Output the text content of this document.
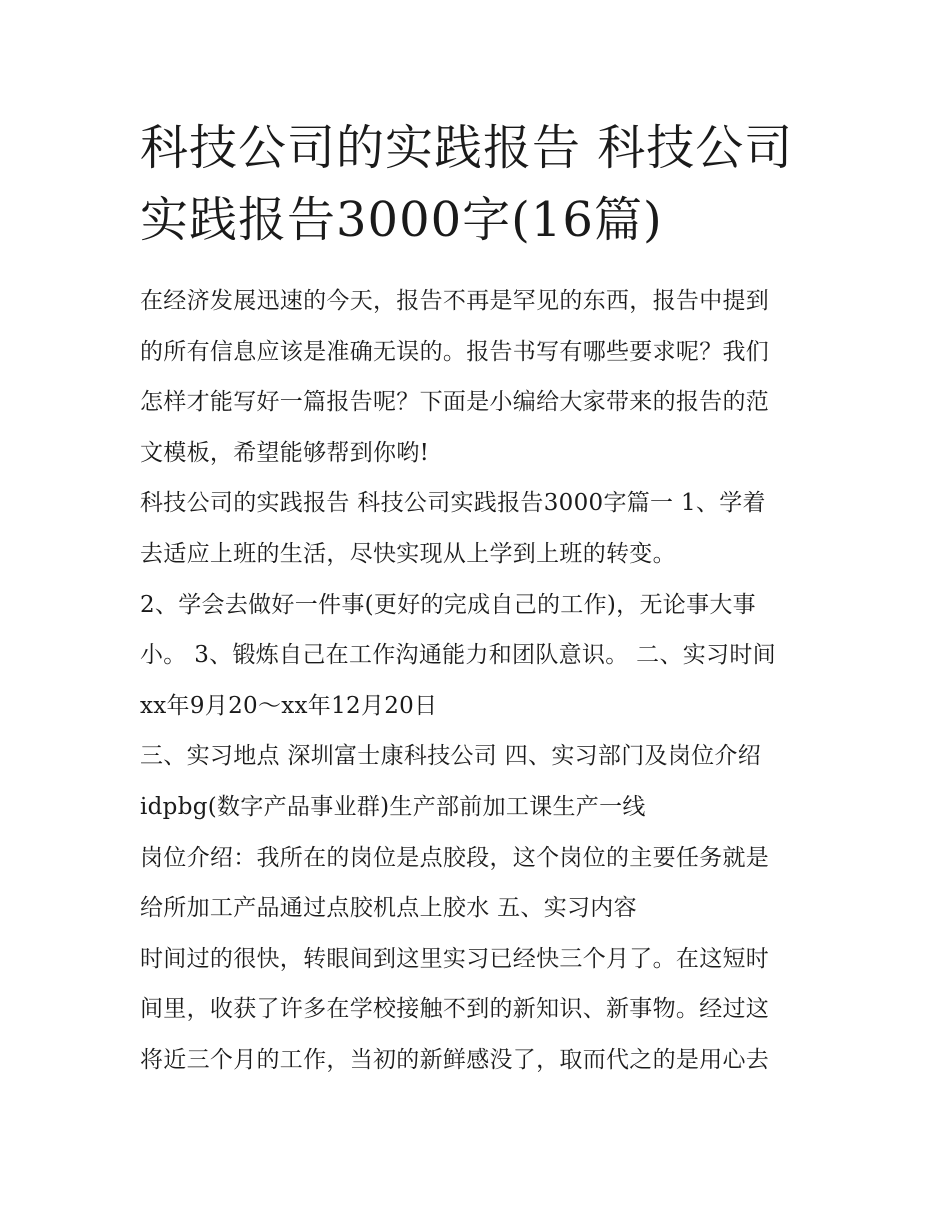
科技公司的实践报告 科技公司
实践报告3000字(16篇)
在经济发展迅速的今天，报告不再是罕见的东西，报告中提到
的所有信息应该是准确无误的。报告书写有哪些要求呢？我们
怎样才能写好一篇报告呢？下面是小编给大家带来的报告的范
文模板，希望能够帮到你哟!
科技公司的实践报告 科技公司实践报告3000字篇一 1、学着
去适应上班的生活，尽快实现从上学到上班的转变。
2、学会去做好一件事(更好的完成自己的工作)，无论事大事
小。 3、锻炼自己在工作沟通能力和团队意识。 二、实习时间
xx年9月20～xx年12月20日
三、实习地点 深圳富士康科技公司 四、实习部门及岗位介绍
idpbg(数字产品事业群)生产部前加工课生产一线
岗位介绍：我所在的岗位是点胶段，这个岗位的主要任务就是
给所加工产品通过点胶机点上胶水 五、实习内容
时间过的很快，转眼间到这里实习已经快三个月了。在这短时
间里，收获了许多在学校接触不到的新知识、新事物。经过这
将近三个月的工作，当初的新鲜感没了，取而代之的是用心去
